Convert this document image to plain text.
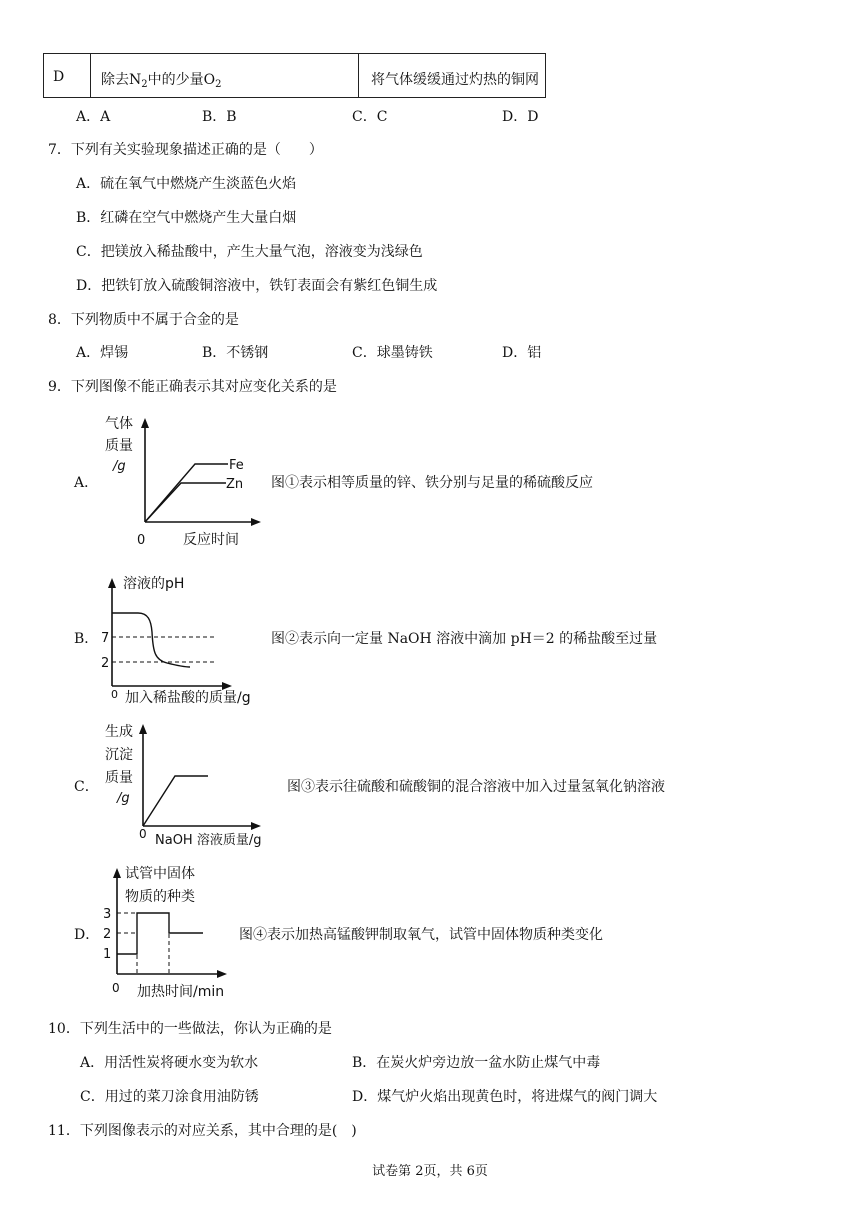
D	除去$N_2$中的少量$O_2$	将气体缓缓通过灼热的铜网
A．A	B．B	C．C	D．D
7．下列有关实验现象描述正确的是（　　）
A．硫在氧气中燃烧产生淡蓝色火焰
B．红磷在空气中燃烧产生大量白烟
C．把镁放入稀盐酸中，产生大量气泡，溶液变为浅绿色
D．把铁钉放入硫酸铜溶液中，铁钉表面会有紫红色铜生成
8．下列物质中不属于合金的是
A．焊锡	B．不锈钢	C．球墨铸铁	D．铝
9．下列图像不能正确表示其对应变化关系的是
A．
气体
质量
/g	Fe
Zn
0	反应时间
图①表示相等质量的锌、铁分别与足量的稀硫酸反应
B．
溶液的pH
7
2
0 加入稀盐酸的质量/g
图②表示向一定量 NaOH 溶液中滴加 pH＝2 的稀盐酸至过量
C．
生成
沉淀
质量
/g
0 NaOH 溶液质量/g
图③表示往硫酸和硫酸铜的混合溶液中加入过量氢氧化钠溶液
D．
试管中固体
物质的种类
3
2
1
0 加热时间/min
图④表示加热高锰酸钾制取氧气，试管中固体物质种类变化
10．下列生活中的一些做法，你认为正确的是
A．用活性炭将硬水变为软水	B．在炭火炉旁边放一盆水防止煤气中毒
C．用过的菜刀涂食用油防锈	D．煤气炉火焰出现黄色时，将进煤气的阀门调大
11．下列图像表示的对应关系，其中合理的是(　)
试卷第 2页，共 6页
